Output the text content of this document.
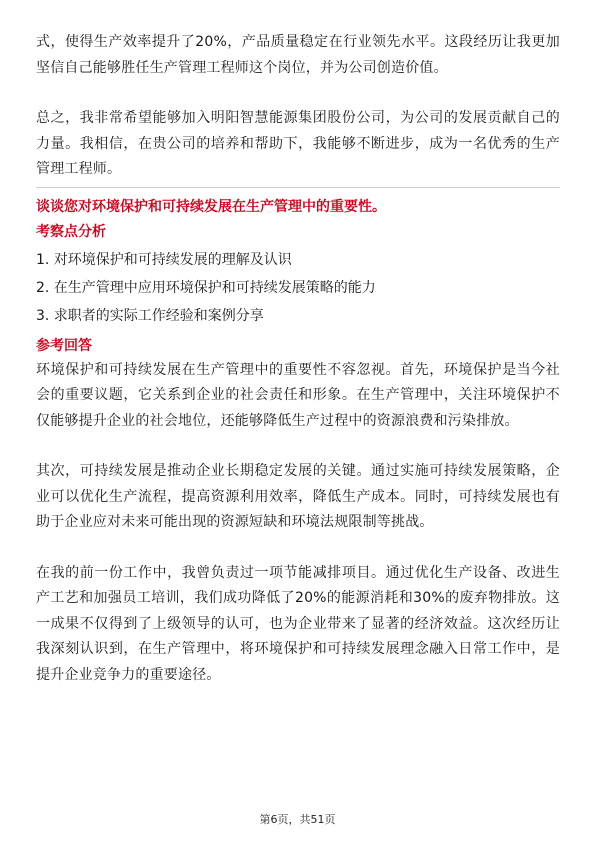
式，使得生产效率提升了20%，产品质量稳定在行业领先水平。这段经历让我更加坚信自己能够胜任生产管理工程师这个岗位，并为公司创造价值。

总之，我非常希望能够加入明阳智慧能源集团股份公司，为公司的发展贡献自己的力量。我相信，在贵公司的培养和帮助下，我能够不断进步，成为一名优秀的生产管理工程师。

谈谈您对环境保护和可持续发展在生产管理中的重要性。

考察点分析

1. 对环境保护和可持续发展的理解及认识
2. 在生产管理中应用环境保护和可持续发展策略的能力
3. 求职者的实际工作经验和案例分享

参考回答

环境保护和可持续发展在生产管理中的重要性不容忽视。首先，环境保护是当今社会的重要议题，它关系到企业的社会责任和形象。在生产管理中，关注环境保护不仅能够提升企业的社会地位，还能够降低生产过程中的资源浪费和污染排放。

其次，可持续发展是推动企业长期稳定发展的关键。通过实施可持续发展策略，企业可以优化生产流程，提高资源利用效率，降低生产成本。同时，可持续发展也有助于企业应对未来可能出现的资源短缺和环境法规限制等挑战。

在我的前一份工作中，我曾负责过一项节能减排项目。通过优化生产设备、改进生产工艺和加强员工培训，我们成功降低了20%的能源消耗和30%的废弃物排放。这一成果不仅得到了上级领导的认可，也为企业带来了显著的经济效益。这次经历让我深刻认识到，在生产管理中，将环境保护和可持续发展理念融入日常工作中，是提升企业竞争力的重要途径。

第6页，共51页
